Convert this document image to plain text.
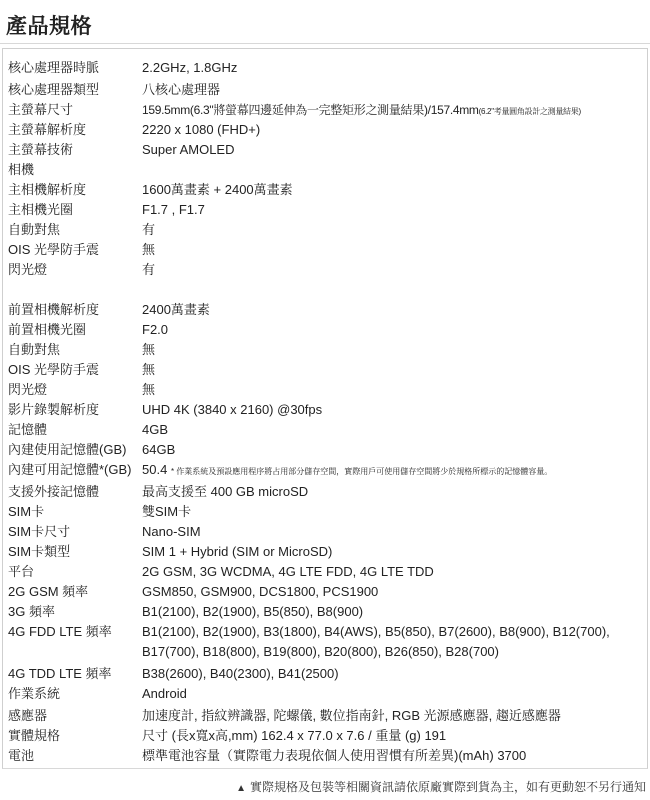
產品規格
核心處理器時脈	2.2GHz, 1.8GHz
核心處理器類型	八核心處理器
主螢幕尺寸	159.5mm(6.3"將螢幕四邊延伸為一完整矩形之測量結果)/157.4mm(6.2"考量圓角設計之測量結果)
主螢幕解析度	2220 x 1080 (FHD+)
主螢幕技術	Super AMOLED
相機
主相機解析度	1600萬畫素 + 2400萬畫素
主相機光圈	F1.7 , F1.7
自動對焦	有
OIS 光學防手震	無
閃光燈	有
前置相機解析度	2400萬畫素
前置相機光圈	F2.0
自動對焦	無
OIS 光學防手震	無
閃光燈	無
影片錄製解析度	UHD 4K (3840 x 2160) @30fps
記憶體	4GB
內建使用記憶體(GB)	64GB
內建可用記憶體*(GB) 50.4 * 作業系統及預設應用程序將占用部分儲存空間，實際用戶可使用儲存空間將少於規格所標示的記憶體容量。
支援外接記憶體	最高支援至 400 GB microSD
SIM卡	雙SIM卡
SIM卡尺寸	Nano-SIM
SIM卡類型	SIM 1 + Hybrid (SIM or MicroSD)
平台	2G GSM, 3G WCDMA, 4G LTE FDD, 4G LTE TDD
2G GSM 頻率	GSM850, GSM900, DCS1800, PCS1900
3G 頻率	B1(2100), B2(1900), B5(850), B8(900)
4G FDD LTE 頻率	B1(2100), B2(1900), B3(1800), B4(AWS), B5(850), B7(2600), B8(900), B12(700),
B17(700), B18(800), B19(800), B20(800), B26(850), B28(700)
4G TDD LTE 頻率	B38(2600), B40(2300), B41(2500)
作業系統	Android
感應器	加速度計, 指紋辨識器, 陀螺儀, 數位指南針, RGB 光源感應器, 趨近感應器
實體規格	尺寸 (長x寬x高,mm) 162.4 x 77.0 x 7.6 / 重量 (g) 191
電池	標準電池容量（實際電力表現依個人使用習慣有所差異)(mAh) 3700
▲ 實際規格及包裝等相關資訊請依原廠實際到貨為主，如有更動恕不另行通知
